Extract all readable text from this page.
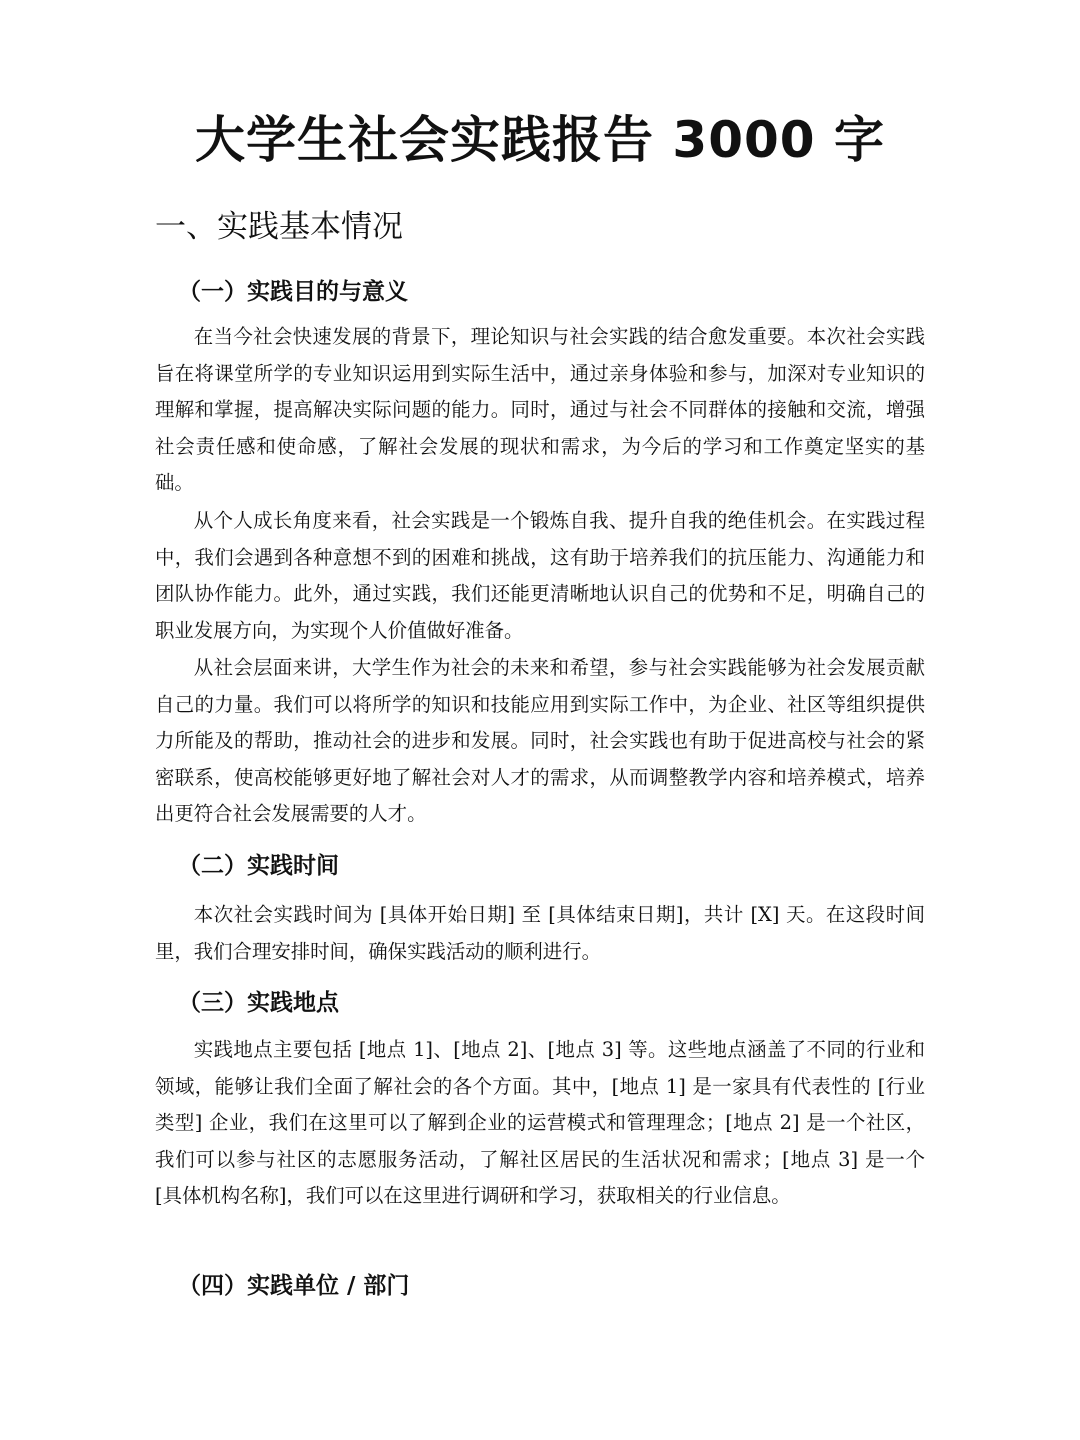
大学生社会实践报告 3000 字
一、实践基本情况
（一）实践目的与意义

在当今社会快速发展的背景下，理论知识与社会实践的结合愈发重要。本次社会实践旨在将课堂所学的专业知识运用到实际生活中，通过亲身体验和参与，加深对专业知识的理解和掌握，提高解决实际问题的能力。同时，通过与社会不同群体的接触和交流，增强社会责任感和使命感，了解社会发展的现状和需求，为今后的学习和工作奠定坚实的基础。

从个人成长角度来看，社会实践是一个锻炼自我、提升自我的绝佳机会。在实践过程中，我们会遇到各种意想不到的困难和挑战，这有助于培养我们的抗压能力、沟通能力和团队协作能力。此外，通过实践，我们还能更清晰地认识自己的优势和不足，明确自己的职业发展方向，为实现个人价值做好准备。

从社会层面来讲，大学生作为社会的未来和希望，参与社会实践能够为社会发展贡献自己的力量。我们可以将所学的知识和技能应用到实际工作中，为企业、社区等组织提供力所能及的帮助，推动社会的进步和发展。同时，社会实践也有助于促进高校与社会的紧密联系，使高校能够更好地了解社会对人才的需求，从而调整教学内容和培养模式，培养出更符合社会发展需要的人才。

（二）实践时间

本次社会实践时间为 [具体开始日期] 至 [具体结束日期]，共计 [X] 天。在这段时间里，我们合理安排时间，确保实践活动的顺利进行。

（三）实践地点

实践地点主要包括 [地点 1]、[地点 2]、[地点 3] 等。这些地点涵盖了不同的行业和领域，能够让我们全面了解社会的各个方面。其中，[地点 1] 是一家具有代表性的 [行业类型] 企业，我们在这里可以了解到企业的运营模式和管理理念；[地点 2] 是一个社区，我们可以参与社区的志愿服务活动，了解社区居民的生活状况和需求；[地点 3] 是一个 [具体机构名称]，我们可以在这里进行调研和学习，获取相关的行业信息。

（四）实践单位 / 部门
